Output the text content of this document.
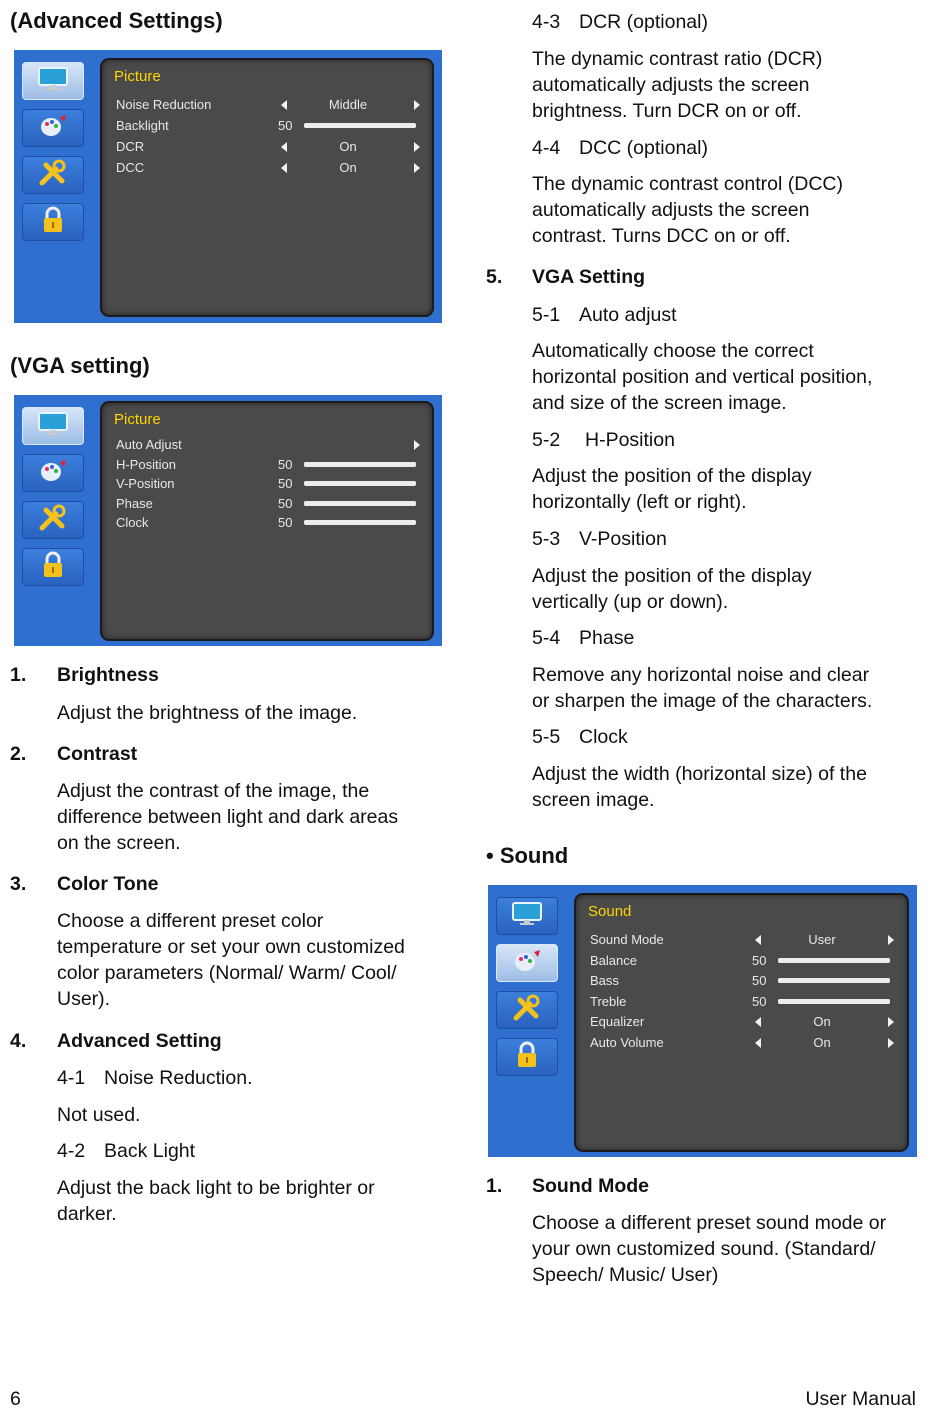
(Advanced Settings)
Picture
Noise Reduction	Middle
Backlight	50
DCR	On
DCC	On
(VGA setting)
Picture
Auto Adjust
H-Position	50
V-Position	50
Phase	50
Clock	50
1. Brightness
Adjust the brightness of the image.
2. Contrast
Adjust the contrast of the image, the
difference between light and dark areas
on the screen.
3. Color Tone
Choose a different preset color
temperature or set your own customized
color parameters (Normal/ Warm/ Cool/
User).
4. Advanced Setting
4-1 Noise Reduction.
Not used.
4-2 Back Light
Adjust the back light to be brighter or
darker.
4-3 DCR (optional)
The dynamic contrast ratio (DCR)
automatically adjusts the screen
brightness. Turn DCR on or off.
4-4 DCC (optional)
The dynamic contrast control (DCC)
automatically adjusts the screen
contrast. Turns DCC on or off.
5. VGA Setting
5-1 Auto adjust
Automatically choose the correct
horizontal position and vertical position,
and size of the screen image.
5-2 H-Position
Adjust the position of the display
horizontally (left or right).
5-3 V-Position
Adjust the position of the display
vertically (up or down).
5-4 Phase
Remove any horizontal noise and clear
or sharpen the image of the characters.
5-5 Clock
Adjust the width (horizontal size) of the
screen image.
• Sound
Sound
Sound Mode	User
Balance	50
Bass	50
Treble	50
Equalizer	On
Auto Volume	On
1. Sound Mode
Choose a different preset sound mode or
your own customized sound. (Standard/
Speech/ Music/ User)
6	User Manual
